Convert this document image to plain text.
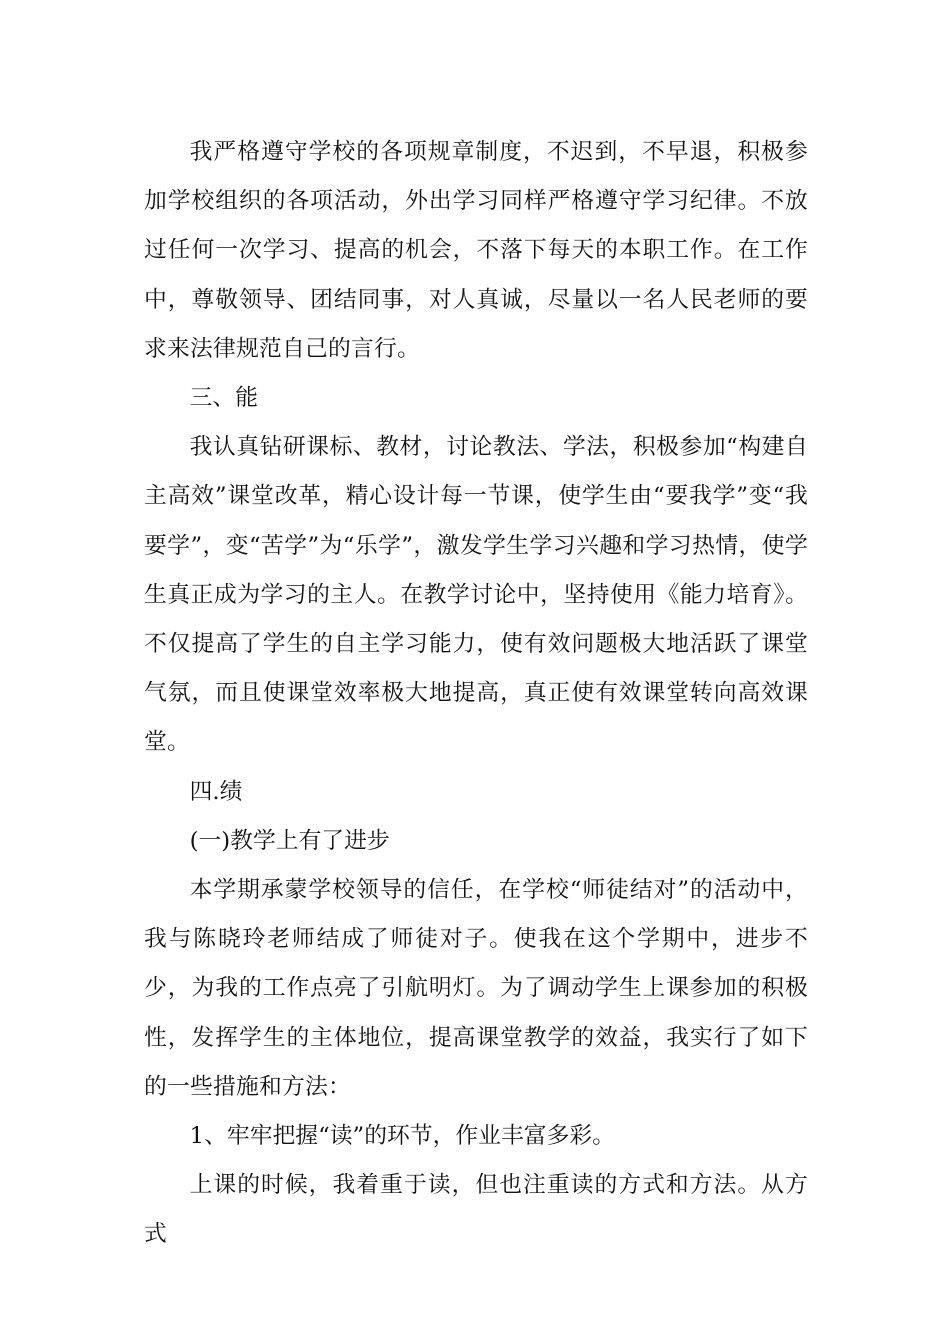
我严格遵守学校的各项规章制度，不迟到，不早退，积极参加学校组织的各项活动，外出学习同样严格遵守学习纪律。不放过任何一次学习、提高的机会，不落下每天的本职工作。在工作中，尊敬领导、团结同事，对人真诚，尽量以一名人民老师的要求来法律规范自己的言行。

三、能

我认真钻研课标、教材，讨论教法、学法，积极参加“构建自主高效”课堂改革，精心设计每一节课，使学生由“要我学”变“我要学”，变“苦学”为“乐学”，激发学生学习兴趣和学习热情，使学生真正成为学习的主人。在教学讨论中，坚持使用《能力培育》。不仅提高了学生的自主学习能力，使有效问题极大地活跃了课堂气氛，而且使课堂效率极大地提高，真正使有效课堂转向高效课堂。

四.绩

(一)教学上有了进步

本学期承蒙学校领导的信任，在学校“师徒结对”的活动中，我与陈晓玲老师结成了师徒对子。使我在这个学期中，进步不少，为我的工作点亮了引航明灯。为了调动学生上课参加的积极性，发挥学生的主体地位，提高课堂教学的效益，我实行了如下的一些措施和方法：

1、牢牢把握“读”的环节，作业丰富多彩。

上课的时候，我着重于读，但也注重读的方式和方法。从方式
